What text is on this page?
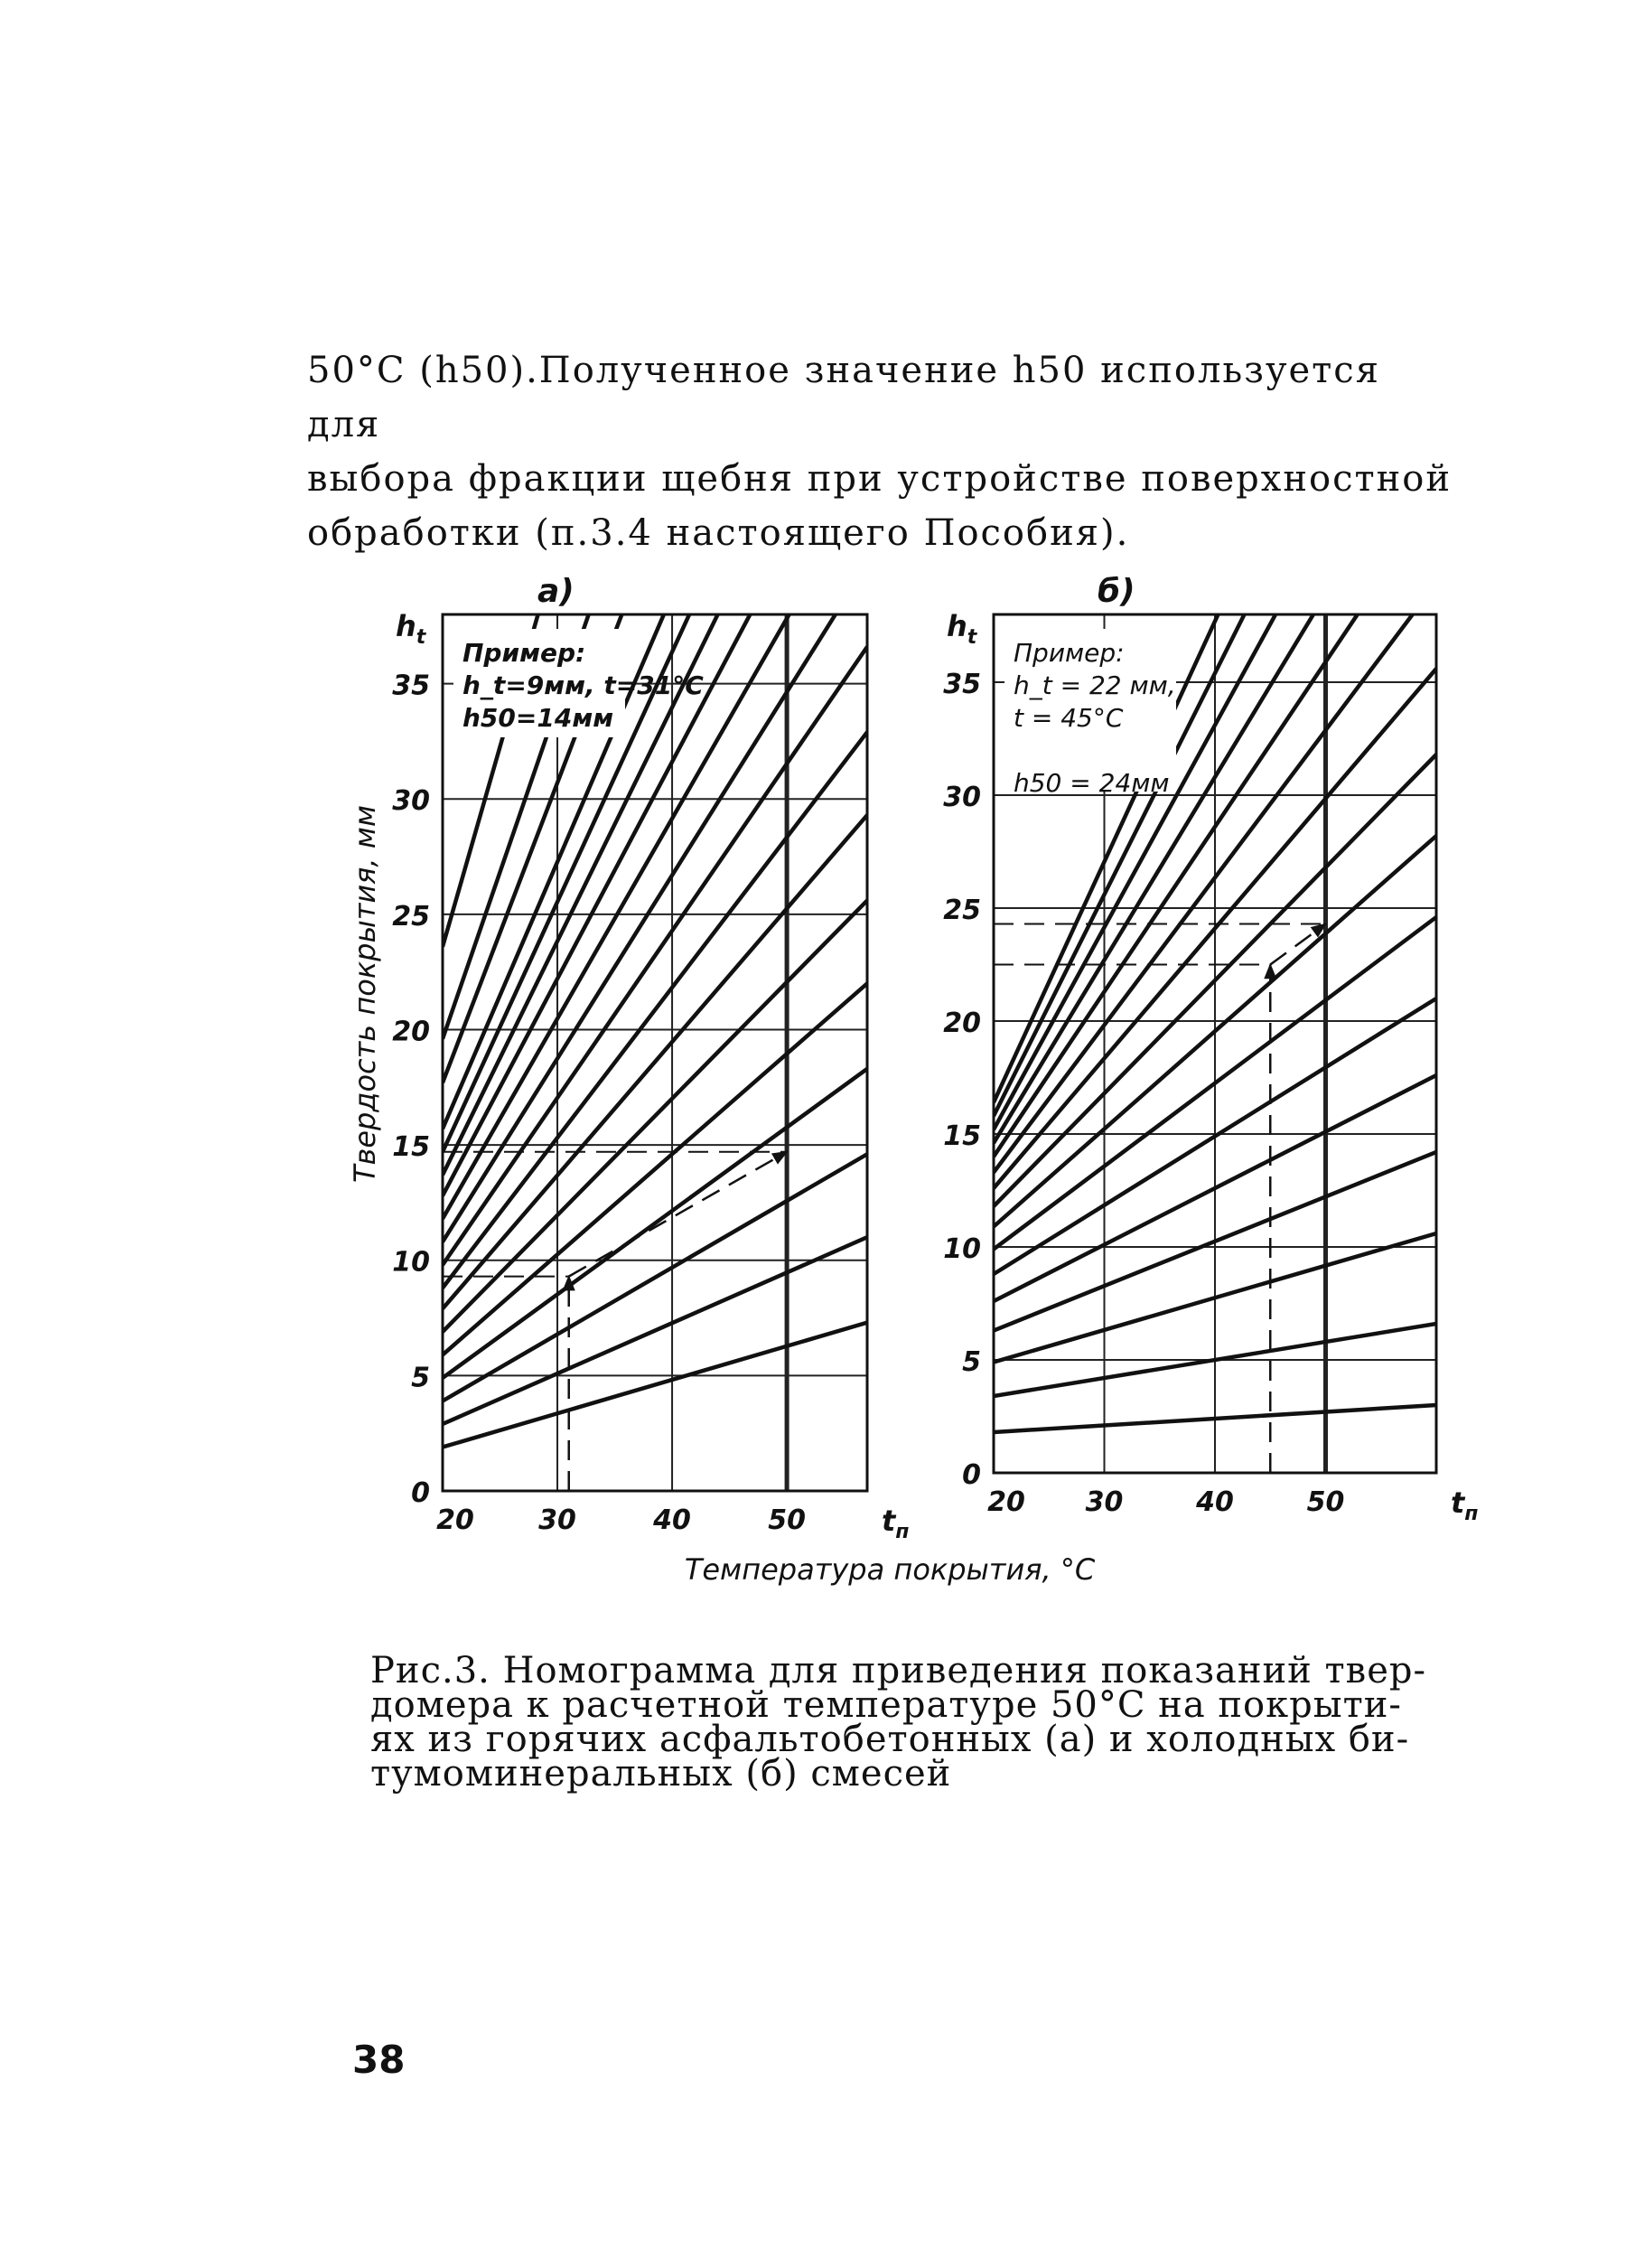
50°С (h50).Полученное значение h50 используется для
выбора фракции щебня при устройстве поверхностной
обработки (п.3.4 настоящего Пособия).
0
5
10
15
20
25
30
35
20 30	40	50
$h_t$
$t_п$
а)
Пример:
h_t=9мм, t=31°С
h50=14мм
0
5
10
15
20
25
30
35
20 30	40	50
$h_t$
$t_п$
б)
Пример:
h_t = 22 мм,
t = 45°С
h50 = 24мм
Температура покрытия, °С
Твердость покрытия, мм
Рис.3. Номограмма для приведения показаний твер-
домера к расчетной температуре 50°С на покрыти-
ях из горячих асфальтобетонных (а) и холодных би-
тумоминеральных (б) смесей
38
